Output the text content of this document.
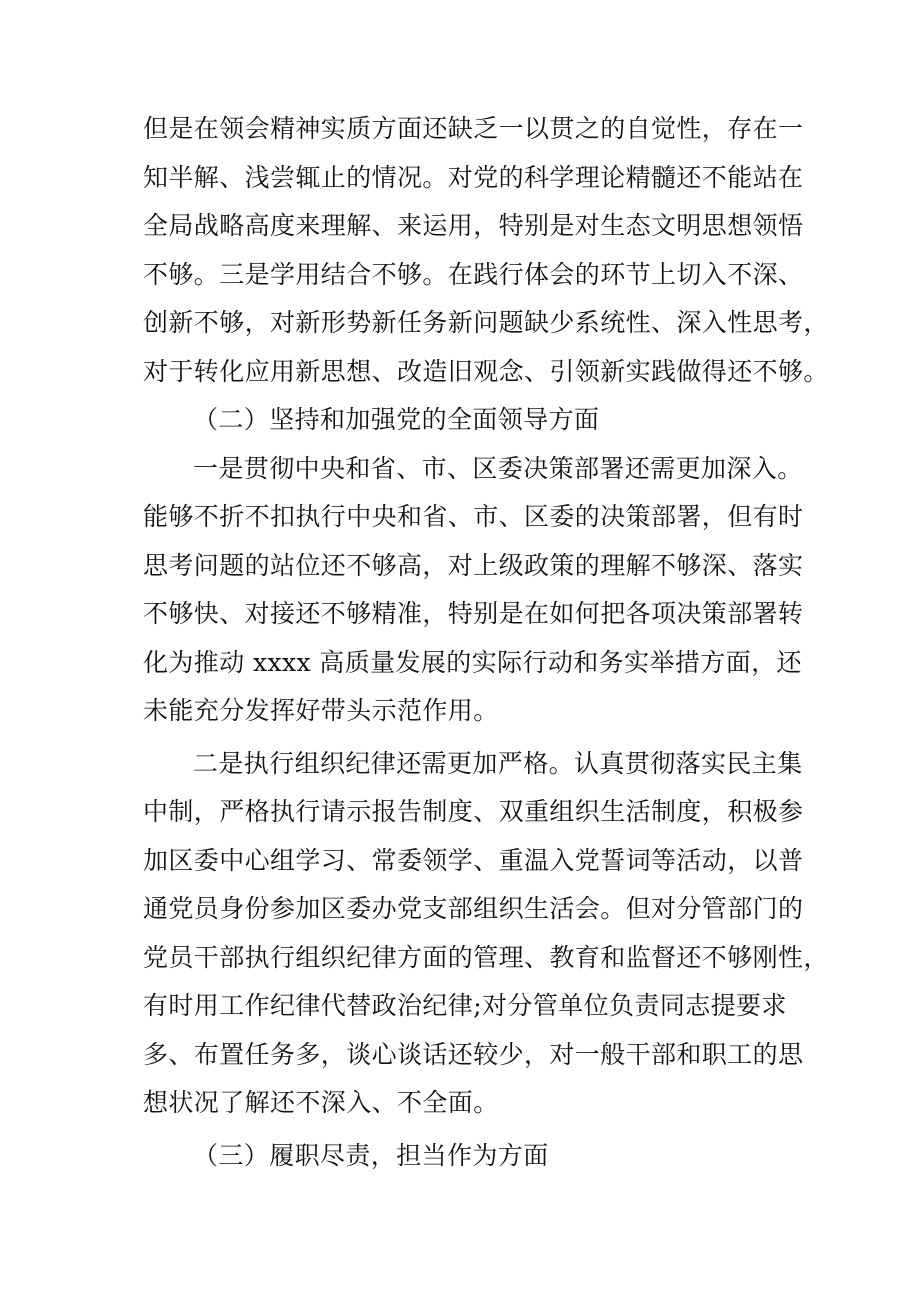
但是在领会精神实质方面还缺乏一以贯之的自觉性，存在一
知半解、浅尝辄止的情况。对党的科学理论精髓还不能站在
全局战略高度来理解、来运用，特别是对生态文明思想领悟
不够。三是学用结合不够。在践行体会的环节上切入不深、
创新不够，对新形势新任务新问题缺少系统性、深入性思考，
对于转化应用新思想、改造旧观念、引领新实践做得还不够。
（二）坚持和加强党的全面领导方面
一是贯彻中央和省、市、区委决策部署还需更加深入。
能够不折不扣执行中央和省、市、区委的决策部署，但有时
思考问题的站位还不够高，对上级政策的理解不够深、落实
不够快、对接还不够精准，特别是在如何把各项决策部署转
化为推动 xxxx 高质量发展的实际行动和务实举措方面，还
未能充分发挥好带头示范作用。
二是执行组织纪律还需更加严格。认真贯彻落实民主集
中制，严格执行请示报告制度、双重组织生活制度，积极参
加区委中心组学习、常委领学、重温入党誓词等活动，以普
通党员身份参加区委办党支部组织生活会。但对分管部门的
党员干部执行组织纪律方面的管理、教育和监督还不够刚性，
有时用工作纪律代替政治纪律;对分管单位负责同志提要求
多、布置任务多，谈心谈话还较少，对一般干部和职工的思
想状况了解还不深入、不全面。
（三）履职尽责，担当作为方面
